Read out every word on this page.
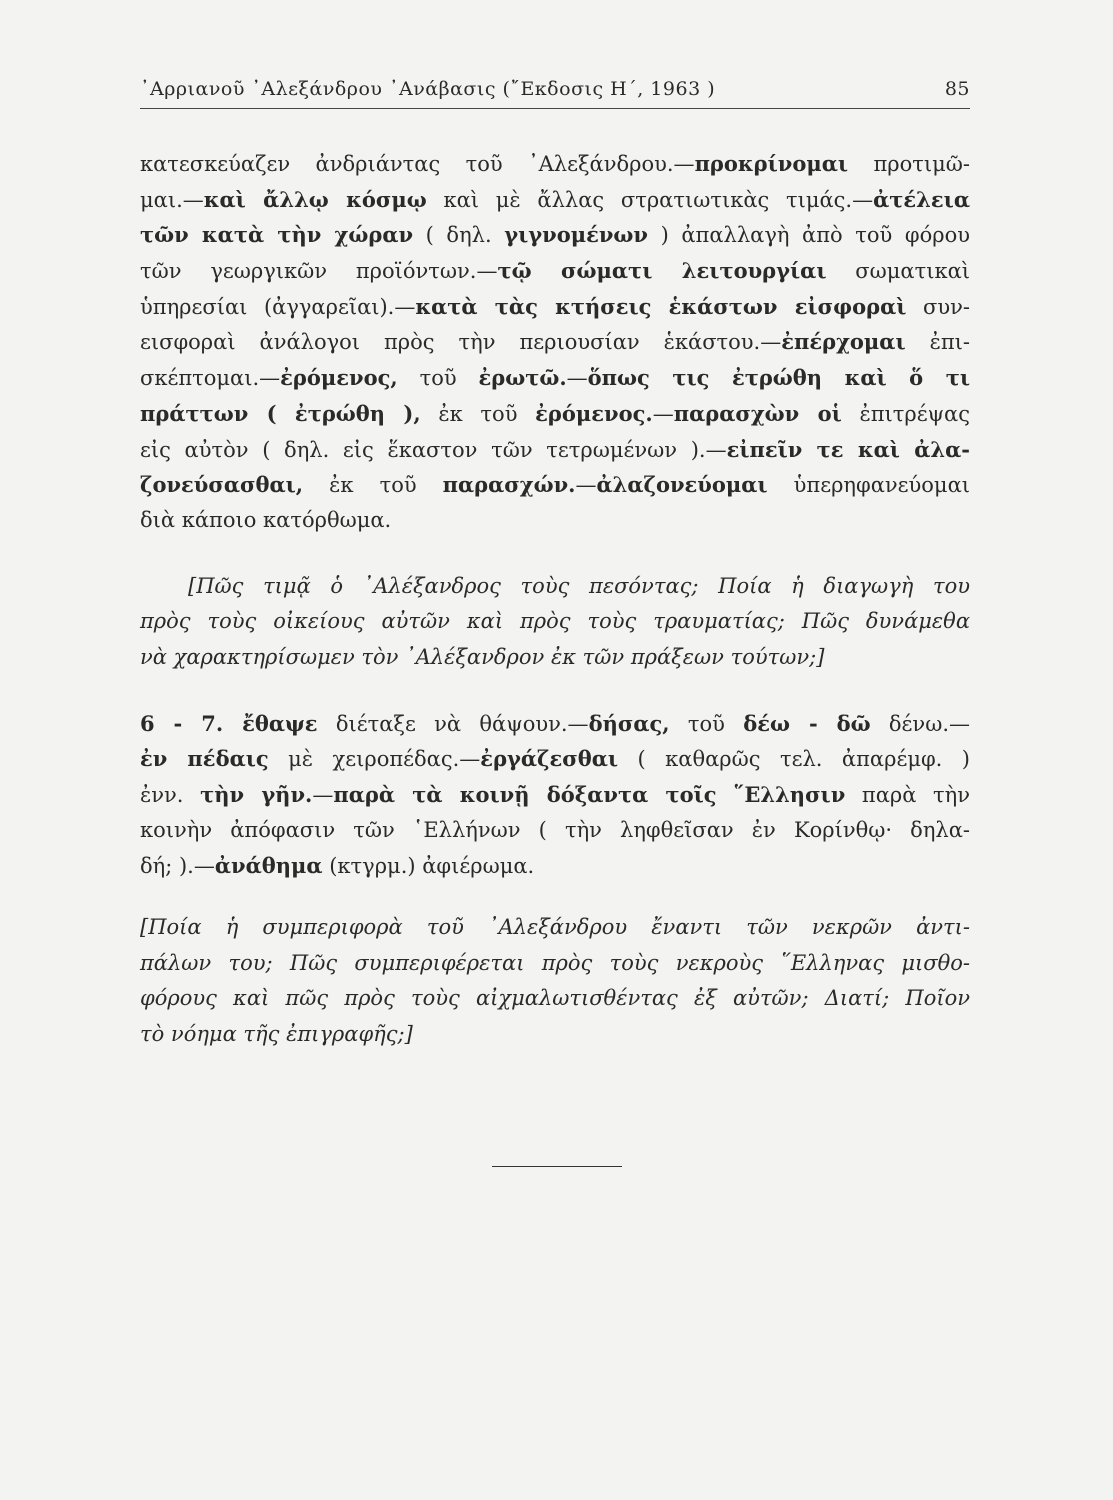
᾿Αρριανοῦ ᾿Αλεξάνδρου ᾿Ανάβασις (῎Εκδοσις Η΄, 1963 )	85
κατεσκεύαζεν ἀνδριάντας τοῦ ᾿Αλεξάνδρου.—προκρίνομαι προτιμῶ-
μαι.—καὶ ἄλλῳ κόσμῳ καὶ μὲ ἄλλας στρατιωτικὰς τιμάς.—ἀτέλεια
τῶν κατὰ τὴν χώραν ( δηλ. γιγνομένων ) ἀπαλλαγὴ ἀπὸ τοῦ φόρου
τῶν γεωργικῶν προϊόντων.—τῷ σώματι λειτουργίαι σωματικαὶ
ὑπηρεσίαι (ἀγγαρεῖαι).—κατὰ τὰς κτήσεις ἑκάστων εἰσφοραὶ συν-
εισφοραὶ ἀνάλογοι πρὸς τὴν περιουσίαν ἑκάστου.—ἐπέρχομαι ἐπι-
σκέπτομαι.—ἐρόμενος, τοῦ ἐρωτῶ.—ὅπως τις ἐτρώθη καὶ ὅ τι
πράττων ( ἐτρώθη ), ἐκ τοῦ ἐρόμενος.—παρασχὼν οἱ ἐπιτρέψας
εἰς αὐτὸν ( δηλ. εἰς ἕκαστον τῶν τετρωμένων ).—εἰπεῖν τε καὶ ἀλα-
ζονεύσασθαι, ἐκ τοῦ παρασχών.—ἀλαζονεύομαι ὑπερηφανεύομαι
διὰ κάποιο κατόρθωμα.
[Πῶς τιμᾷ ὁ ᾿Αλέξανδρος τοὺς πεσόντας; Ποία ἡ διαγωγὴ του
πρὸς τοὺς οἰκείους αὐτῶν καὶ πρὸς τοὺς τραυματίας; Πῶς δυνάμεθα
νὰ χαρακτηρίσωμεν τὸν ᾿Αλέξανδρον ἐκ τῶν πράξεων τούτων;]
6 - 7. ἔθαψε διέταξε νὰ θάψουν.—δήσας, τοῦ δέω - δῶ δένω.—
ἐν πέδαις μὲ χειροπέδας.—ἐργάζεσθαι ( καθαρῶς τελ. ἀπαρέμφ. )
ἐνν. τὴν γῆν.—παρὰ τὰ κοινῇ δόξαντα τοῖς ῞Ελλησιν παρὰ τὴν
κοινὴν ἀπόφασιν τῶν ῾Ελλήνων ( τὴν ληφθεῖσαν ἐν Κορίνθῳ· δηλα-
δή; ).—ἀνάθημα (κτγρμ.) ἀφιέρωμα.
[Ποία ἡ συμπεριφορὰ τοῦ ᾿Αλεξάνδρου ἔναντι τῶν νεκρῶν ἀντι-
πάλων του; Πῶς συμπεριφέρεται πρὸς τοὺς νεκροὺς ῞Ελληνας μισθο-
φόρους καὶ πῶς πρὸς τοὺς αἰχμαλωτισθέντας ἐξ αὐτῶν; Διατί; Ποῖον
τὸ νόημα τῆς ἐπιγραφῆς;]
